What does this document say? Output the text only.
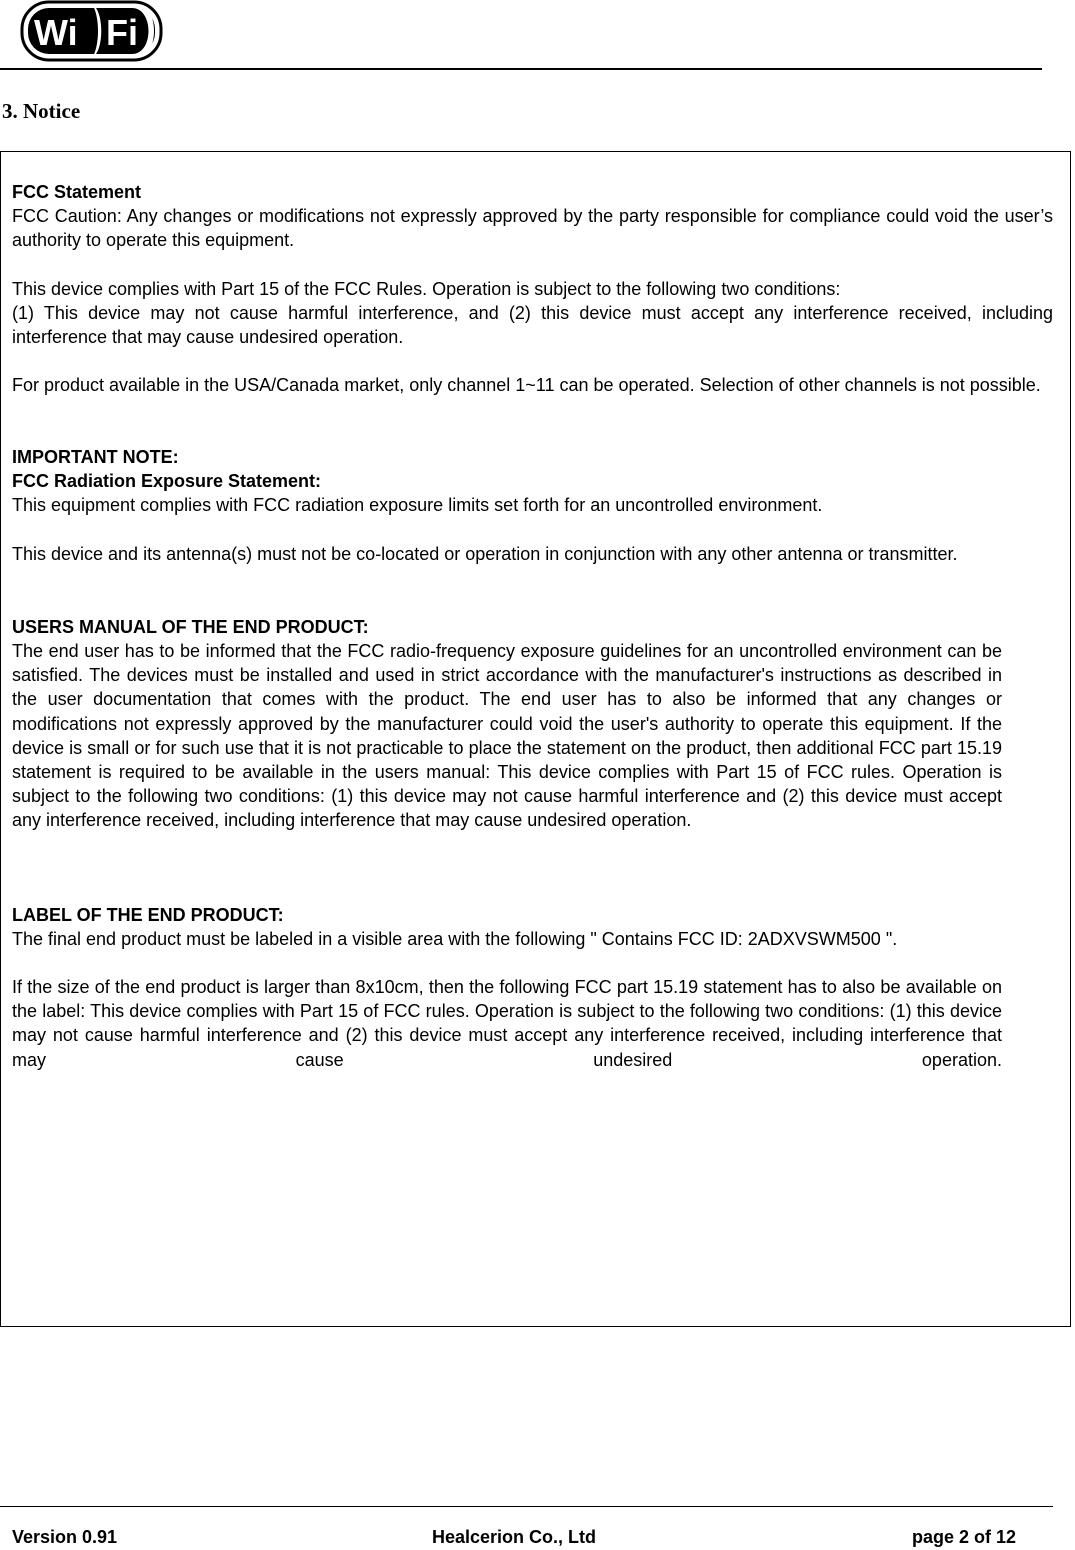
Wi Fi
3. Notice

FCC Statement

FCC Caution: Any changes or modifications not expressly approved by the party responsible for compliance could void the user’s authority to operate this equipment.

This device complies with Part 15 of the FCC Rules. Operation is subject to the following two conditions:

(1) This device may not cause harmful interference, and (2) this device must accept any interference received, including interference that may cause undesired operation.

For product available in the USA/Canada market, only channel 1~11 can be operated. Selection of other channels is not possible.

IMPORTANT NOTE:

FCC Radiation Exposure Statement:

This equipment complies with FCC radiation exposure limits set forth for an uncontrolled environment.

This device and its antenna(s) must not be co-located or operation in conjunction with any other antenna or transmitter.

USERS MANUAL OF THE END PRODUCT:

The end user has to be informed that the FCC radio-frequency exposure guidelines for an uncontrolled environment can be satisfied. The devices must be installed and used in strict accordance with the manufacturer's instructions as described in the user documentation that comes with the product. The end user has to also be informed that any changes or modifications not expressly approved by the manufacturer could void the user's authority to operate this equipment. If the device is small or for such use that it is not practicable to place the statement on the product, then additional FCC part 15.19 statement is required to be available in the users manual: This device complies with Part 15 of FCC rules. Operation is subject to the following two conditions: (1) this device may not cause harmful interference and (2) this device must accept any interference received, including interference that may cause undesired operation.

LABEL OF THE END PRODUCT:

The final end product must be labeled in a visible area with the following " Contains FCC ID: 2ADXVSWM500 ".

If the size of the end product is larger than 8x10cm, then the following FCC part 15.19 statement has to also be available on the label: This device complies with Part 15 of FCC rules. Operation is subject to the following two conditions: (1) this device may not cause harmful interference and (2) this device must accept any interference received, including interference that may cause undesired operation.

Version 0.91	Healcerion Co., Ltd	page 2 of 12
